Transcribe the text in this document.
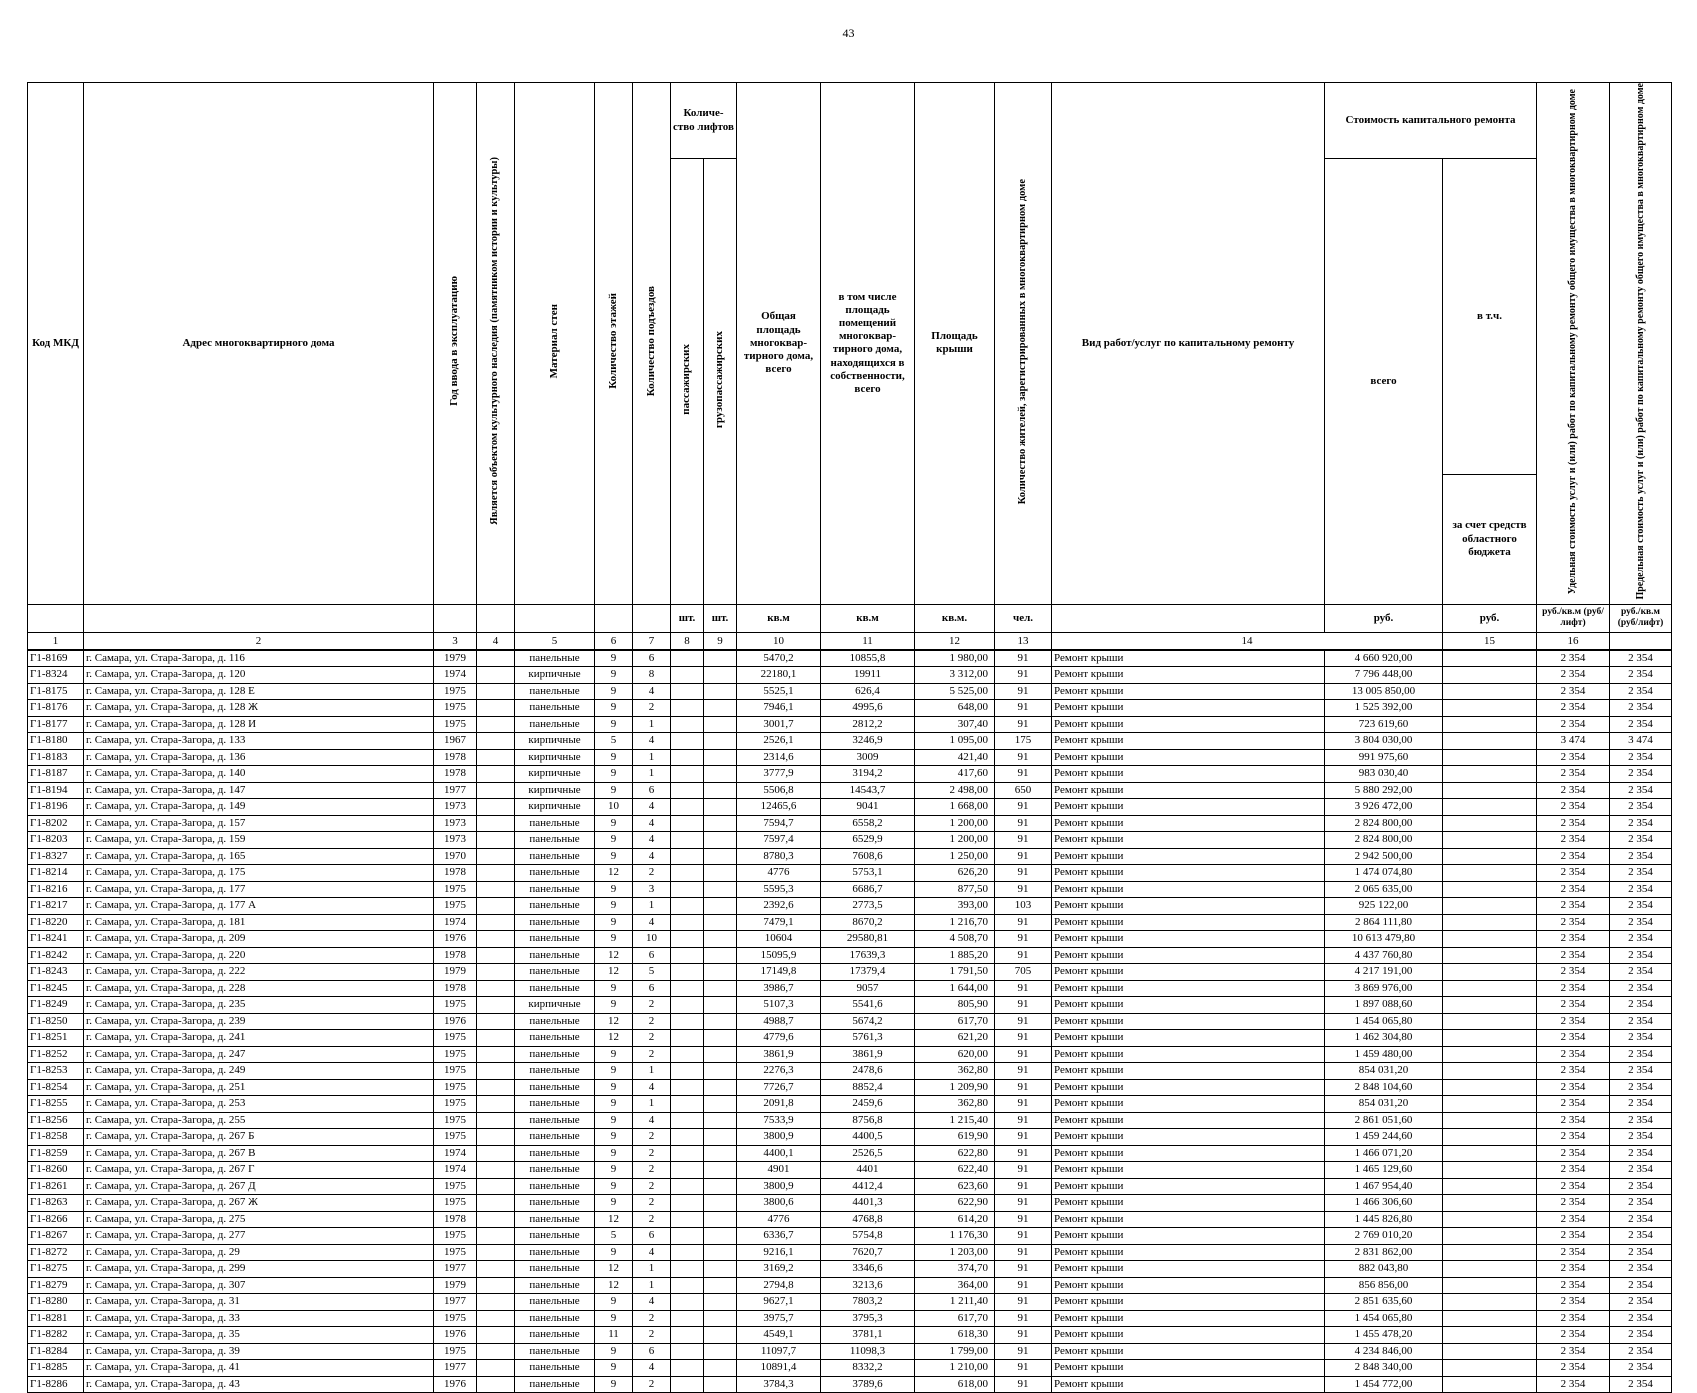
43
Код МКД	Адрес многоквартирного дома	Год ввода в эксплуатацию	Является объектом культурного наследия (памятником истории и культуры)	Материал стен	Количество этажей	Количество подъездов	Количе-ство лифтов		Общая площадь многоквар-тирного дома, всего	в том числе площадь помещений многоквар-тирного дома, находящихся в собственности, всего	Площадь крыши	Количество жителей, зарегистрированных в многоквартирном доме	Вид работ/услуг по капитальному ремонту	Стоимость капитального ремонта		Удельная стоимость услуг и (или) работ по капитальному ремонту общего имущества в многоквартирном доме	Предельная стоимость услуг и (или) работ по капитальному ремонту общего имущества в многоквартирном доме
							пассажирских	грузопассажирских						всего	в т.ч.		
															за счет средств областного бюджета		
							шт.	шт.	кв.м	кв.м	кв.м.	чел.		руб.	руб.	руб./кв.м (руб/лифт)	руб./кв.м (руб/лифт)
1	2	3	4	5	6	7	8	9	10	11	12	13	14		15	16	
Г1-8169	г. Самара, ул. Стара-Загора, д. 116	1979		панельные	9	6			5470,2	10855,8	1 980,00	91	Ремонт крыши	4 660 920,00		2 354	2 354
Г1-8324	г. Самара, ул. Стара-Загора, д. 120	1974		кирпичные	9	8			22180,1	19911	3 312,00	91	Ремонт крыши	7 796 448,00		2 354	2 354
Г1-8175	г. Самара, ул. Стара-Загора, д. 128 Е	1975		панельные	9	4			5525,1	626,4	5 525,00	91	Ремонт крыши	13 005 850,00		2 354	2 354
Г1-8176	г. Самара, ул. Стара-Загора, д. 128 Ж	1975		панельные	9	2			7946,1	4995,6	648,00	91	Ремонт крыши	1 525 392,00		2 354	2 354
Г1-8177	г. Самара, ул. Стара-Загора, д. 128 И	1975		панельные	9	1			3001,7	2812,2	307,40	91	Ремонт крыши	723 619,60		2 354	2 354
Г1-8180	г. Самара, ул. Стара-Загора, д. 133	1967		кирпичные	5	4			2526,1	3246,9	1 095,00	175	Ремонт крыши	3 804 030,00		3 474	3 474
Г1-8183	г. Самара, ул. Стара-Загора, д. 136	1978		кирпичные	9	1			2314,6	3009	421,40	91	Ремонт крыши	991 975,60		2 354	2 354
Г1-8187	г. Самара, ул. Стара-Загора, д. 140	1978		кирпичные	9	1			3777,9	3194,2	417,60	91	Ремонт крыши	983 030,40		2 354	2 354
Г1-8194	г. Самара, ул. Стара-Загора, д. 147	1977		кирпичные	9	6			5506,8	14543,7	2 498,00	650	Ремонт крыши	5 880 292,00		2 354	2 354
Г1-8196	г. Самара, ул. Стара-Загора, д. 149	1973		кирпичные	10	4			12465,6	9041	1 668,00	91	Ремонт крыши	3 926 472,00		2 354	2 354
Г1-8202	г. Самара, ул. Стара-Загора, д. 157	1973		панельные	9	4			7594,7	6558,2	1 200,00	91	Ремонт крыши	2 824 800,00		2 354	2 354
Г1-8203	г. Самара, ул. Стара-Загора, д. 159	1973		панельные	9	4			7597,4	6529,9	1 200,00	91	Ремонт крыши	2 824 800,00		2 354	2 354
Г1-8327	г. Самара, ул. Стара-Загора, д. 165	1970		панельные	9	4			8780,3	7608,6	1 250,00	91	Ремонт крыши	2 942 500,00		2 354	2 354
Г1-8214	г. Самара, ул. Стара-Загора, д. 175	1978		панельные	12	2			4776	5753,1	626,20	91	Ремонт крыши	1 474 074,80		2 354	2 354
Г1-8216	г. Самара, ул. Стара-Загора, д. 177	1975		панельные	9	3			5595,3	6686,7	877,50	91	Ремонт крыши	2 065 635,00		2 354	2 354
Г1-8217	г. Самара, ул. Стара-Загора, д. 177 А	1975		панельные	9	1			2392,6	2773,5	393,00	103	Ремонт крыши	925 122,00		2 354	2 354
Г1-8220	г. Самара, ул. Стара-Загора, д. 181	1974		панельные	9	4			7479,1	8670,2	1 216,70	91	Ремонт крыши	2 864 111,80		2 354	2 354
Г1-8241	г. Самара, ул. Стара-Загора, д. 209	1976		панельные	9	10			10604	29580,81	4 508,70	91	Ремонт крыши	10 613 479,80		2 354	2 354
Г1-8242	г. Самара, ул. Стара-Загора, д. 220	1978		панельные	12	6			15095,9	17639,3	1 885,20	91	Ремонт крыши	4 437 760,80		2 354	2 354
Г1-8243	г. Самара, ул. Стара-Загора, д. 222	1979		панельные	12	5			17149,8	17379,4	1 791,50	705	Ремонт крыши	4 217 191,00		2 354	2 354
Г1-8245	г. Самара, ул. Стара-Загора, д. 228	1978		панельные	9	6			3986,7	9057	1 644,00	91	Ремонт крыши	3 869 976,00		2 354	2 354
Г1-8249	г. Самара, ул. Стара-Загора, д. 235	1975		кирпичные	9	2			5107,3	5541,6	805,90	91	Ремонт крыши	1 897 088,60		2 354	2 354
Г1-8250	г. Самара, ул. Стара-Загора, д. 239	1976		панельные	12	2			4988,7	5674,2	617,70	91	Ремонт крыши	1 454 065,80		2 354	2 354
Г1-8251	г. Самара, ул. Стара-Загора, д. 241	1975		панельные	12	2			4779,6	5761,3	621,20	91	Ремонт крыши	1 462 304,80		2 354	2 354
Г1-8252	г. Самара, ул. Стара-Загора, д. 247	1975		панельные	9	2			3861,9	3861,9	620,00	91	Ремонт крыши	1 459 480,00		2 354	2 354
Г1-8253	г. Самара, ул. Стара-Загора, д. 249	1975		панельные	9	1			2276,3	2478,6	362,80	91	Ремонт крыши	854 031,20		2 354	2 354
Г1-8254	г. Самара, ул. Стара-Загора, д. 251	1975		панельные	9	4			7726,7	8852,4	1 209,90	91	Ремонт крыши	2 848 104,60		2 354	2 354
Г1-8255	г. Самара, ул. Стара-Загора, д. 253	1975		панельные	9	1			2091,8	2459,6	362,80	91	Ремонт крыши	854 031,20		2 354	2 354
Г1-8256	г. Самара, ул. Стара-Загора, д. 255	1975		панельные	9	4			7533,9	8756,8	1 215,40	91	Ремонт крыши	2 861 051,60		2 354	2 354
Г1-8258	г. Самара, ул. Стара-Загора, д. 267 Б	1975		панельные	9	2			3800,9	4400,5	619,90	91	Ремонт крыши	1 459 244,60		2 354	2 354
Г1-8259	г. Самара, ул. Стара-Загора, д. 267 В	1974		панельные	9	2			4400,1	2526,5	622,80	91	Ремонт крыши	1 466 071,20		2 354	2 354
Г1-8260	г. Самара, ул. Стара-Загора, д. 267 Г	1974		панельные	9	2			4901	4401	622,40	91	Ремонт крыши	1 465 129,60		2 354	2 354
Г1-8261	г. Самара, ул. Стара-Загора, д. 267 Д	1975		панельные	9	2			3800,9	4412,4	623,60	91	Ремонт крыши	1 467 954,40		2 354	2 354
Г1-8263	г. Самара, ул. Стара-Загора, д. 267 Ж	1975		панельные	9	2			3800,6	4401,3	622,90	91	Ремонт крыши	1 466 306,60		2 354	2 354
Г1-8266	г. Самара, ул. Стара-Загора, д. 275	1978		панельные	12	2			4776	4768,8	614,20	91	Ремонт крыши	1 445 826,80		2 354	2 354
Г1-8267	г. Самара, ул. Стара-Загора, д. 277	1975		панельные	5	6			6336,7	5754,8	1 176,30	91	Ремонт крыши	2 769 010,20		2 354	2 354
Г1-8272	г. Самара, ул. Стара-Загора, д. 29	1975		панельные	9	4			9216,1	7620,7	1 203,00	91	Ремонт крыши	2 831 862,00		2 354	2 354
Г1-8275	г. Самара, ул. Стара-Загора, д. 299	1977		панельные	12	1			3169,2	3346,6	374,70	91	Ремонт крыши	882 043,80		2 354	2 354
Г1-8279	г. Самара, ул. Стара-Загора, д. 307	1979		панельные	12	1			2794,8	3213,6	364,00	91	Ремонт крыши	856 856,00		2 354	2 354
Г1-8280	г. Самара, ул. Стара-Загора, д. 31	1977		панельные	9	4			9627,1	7803,2	1 211,40	91	Ремонт крыши	2 851 635,60		2 354	2 354
Г1-8281	г. Самара, ул. Стара-Загора, д. 33	1975		панельные	9	2			3975,7	3795,3	617,70	91	Ремонт крыши	1 454 065,80		2 354	2 354
Г1-8282	г. Самара, ул. Стара-Загора, д. 35	1976		панельные	11	2			4549,1	3781,1	618,30	91	Ремонт крыши	1 455 478,20		2 354	2 354
Г1-8284	г. Самара, ул. Стара-Загора, д. 39	1975		панельные	9	6			11097,7	11098,3	1 799,00	91	Ремонт крыши	4 234 846,00		2 354	2 354
Г1-8285	г. Самара, ул. Стара-Загора, д. 41	1977		панельные	9	4			10891,4	8332,2	1 210,00	91	Ремонт крыши	2 848 340,00		2 354	2 354
Г1-8286	г. Самара, ул. Стара-Загора, д. 43	1976		панельные	9	2			3784,3	3789,6	618,00	91	Ремонт крыши	1 454 772,00		2 354	2 354
